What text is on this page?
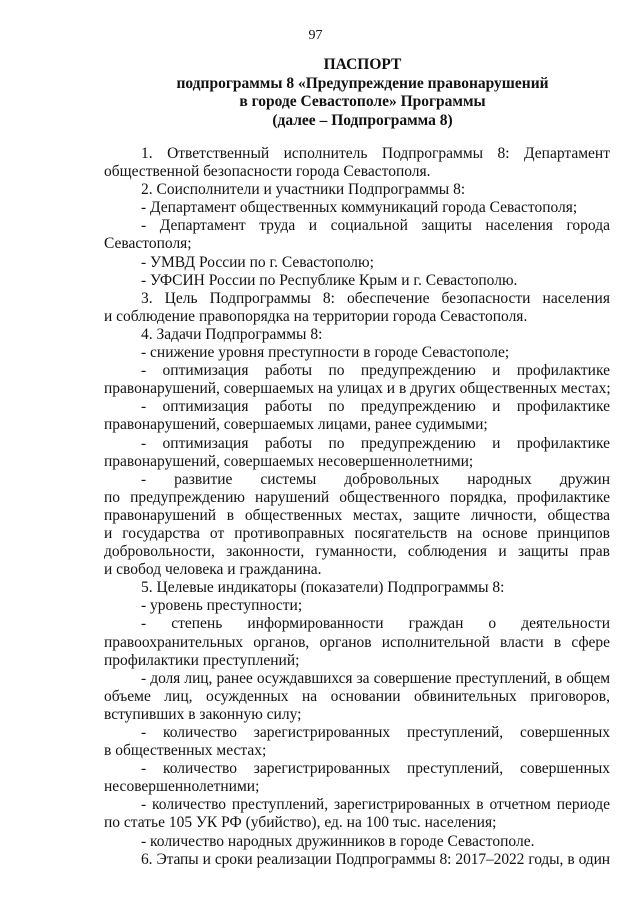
97
ПАСПОРТ
подпрограммы 8 «Предупреждение правонарушений
в городе Севастополе» Программы
(далее – Подпрограмма 8)
1. Ответственный исполнитель Подпрограммы 8: Департамент
общественной безопасности города Севастополя.
2. Соисполнители и участники Подпрограммы 8:
- Департамент общественных коммуникаций города Севастополя;
- Департамент труда и социальной защиты населения города
Севастополя;
- УМВД России по г. Севастополю;
- УФСИН России по Республике Крым и г. Севастополю.
3. Цель Подпрограммы 8: обеспечение безопасности населения
и соблюдение правопорядка на территории города Севастополя.
4. Задачи Подпрограммы 8:
- снижение уровня преступности в городе Севастополе;
- оптимизация работы по предупреждению и профилактике
правонарушений, совершаемых на улицах и в других общественных местах;
- оптимизация работы по предупреждению и профилактике
правонарушений, совершаемых лицами, ранее судимыми;
- оптимизация работы по предупреждению и профилактике
правонарушений, совершаемых несовершеннолетними;
- развитие системы добровольных народных дружин
по предупреждению нарушений общественного порядка, профилактике
правонарушений в общественных местах, защите личности, общества
и государства от противоправных посягательств на основе принципов
добровольности, законности, гуманности, соблюдения и защиты прав
и свобод человека и гражданина.
5. Целевые индикаторы (показатели) Подпрограммы 8:
- уровень преступности;
- степень информированности граждан о деятельности
правоохранительных органов, органов исполнительной власти в сфере
профилактики преступлений;
- доля лиц, ранее осуждавшихся за совершение преступлений, в общем
объеме лиц, осужденных на основании обвинительных приговоров,
вступивших в законную силу;
- количество зарегистрированных преступлений, совершенных
в общественных местах;
- количество зарегистрированных преступлений, совершенных
несовершеннолетними;
- количество преступлений, зарегистрированных в отчетном периоде
по статье 105 УК РФ (убийство), ед. на 100 тыс. населения;
- количество народных дружинников в городе Севастополе.
6. Этапы и сроки реализации Подпрограммы 8: 2017–2022 годы, в один
